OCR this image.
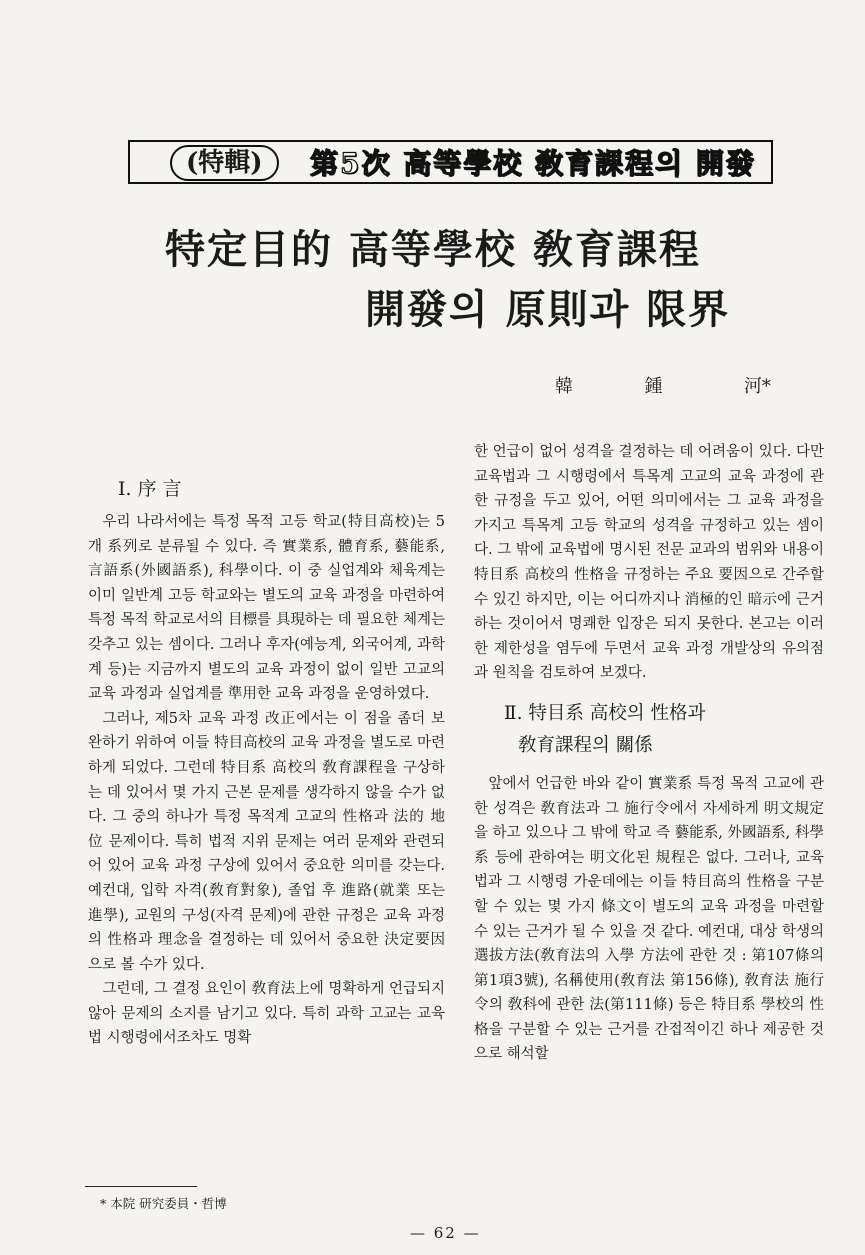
(特輯)	第5次 高等學校 敎育課程의 開發
特定目的 高等學校 敎育課程
開發의 原則과 限界
韓	鍾	河*
Ⅰ. 序 言

우리 나라서에는 특정 목적 고등 학교(特目高校)는 5개 系列로 분류될 수 있다. 즉 實業系, 體育系, 藝能系, 言語系(外國語系), 科學이다. 이 중 실업계와 체육계는 이미 일반계 고등 학교와는 별도의 교육 과정을 마련하여 특정 목적 학교로서의 目標를 具現하는 데 필요한 체계는 갖추고 있는 셈이다. 그러나 후자(예능계, 외국어계, 과학계 등)는 지금까지 별도의 교육 과정이 없이 일반 고교의 교육 과정과 실업계를 準用한 교육 과정을 운영하였다.

그러나, 제5차 교육 과정 改正에서는 이 점을 좀더 보완하기 위하여 이들 特目高校의 교육 과정을 별도로 마련하게 되었다. 그런데 特目系 高校의 敎育課程을 구상하는 데 있어서 몇 가지 근본 문제를 생각하지 않을 수가 없다. 그 중의 하나가 특정 목적계 고교의 性格과 法的 地位 문제이다. 특히 법적 지위 문제는 여러 문제와 관련되어 있어 교육 과정 구상에 있어서 중요한 의미를 갖는다. 예컨대, 입학 자격(敎育對象), 졸업 후 進路(就業 또는 進學), 교원의 구성(자격 문제)에 관한 규정은 교육 과정의 性格과 理念을 결정하는 데 있어서 중요한 決定要因으로 볼 수가 있다.

그런데, 그 결정 요인이 敎育法上에 명확하게 언급되지 않아 문제의 소지를 남기고 있다. 특히 과학 고교는 교육법 시행령에서조차도 명확

한 언급이 없어 성격을 결정하는 데 어려움이 있다. 다만 교육법과 그 시행령에서 특목계 고교의 교육 과정에 관한 규정을 두고 있어, 어떤 의미에서는 그 교육 과정을 가지고 특목계 고등 학교의 성격을 규정하고 있는 셈이다. 그 밖에 교육법에 명시된 전문 교과의 범위와 내용이 特目系 高校의 性格을 규정하는 주요 要因으로 간주할 수 있긴 하지만, 이는 어디까지나 消極的인 暗示에 근거하는 것이어서 명쾌한 입장은 되지 못한다. 본고는 이러한 제한성을 염두에 두면서 교육 과정 개발상의 유의점과 원칙을 검토하여 보겠다.

Ⅱ. 特目系 高校의 性格과
敎育課程의 關係

앞에서 언급한 바와 같이 實業系 특정 목적 고교에 관한 성격은 敎育法과 그 施行令에서 자세하게 明文規定을 하고 있으나 그 밖에 학교 즉 藝能系, 外國語系, 科學系 등에 관하여는 明文化된 規程은 없다. 그러나, 교육법과 그 시행령 가운데에는 이들 特目高의 性格을 구분할 수 있는 몇 가지 條文이 별도의 교육 과정을 마련할 수 있는 근거가 될 수 있을 것 같다. 예컨대, 대상 학생의 選拔方法(敎育法의 入學 方法에 관한 것 : 第107條의 第1項3號), 名稱使用(敎育法 第156條), 敎育法 施行令의 敎科에 관한 法(第111條) 등은 特目系 學校의 性格을 구분할 수 있는 근거를 간접적이긴 하나 제공한 것으로 해석할

* 本院 研究委員・哲博
— 62 —
